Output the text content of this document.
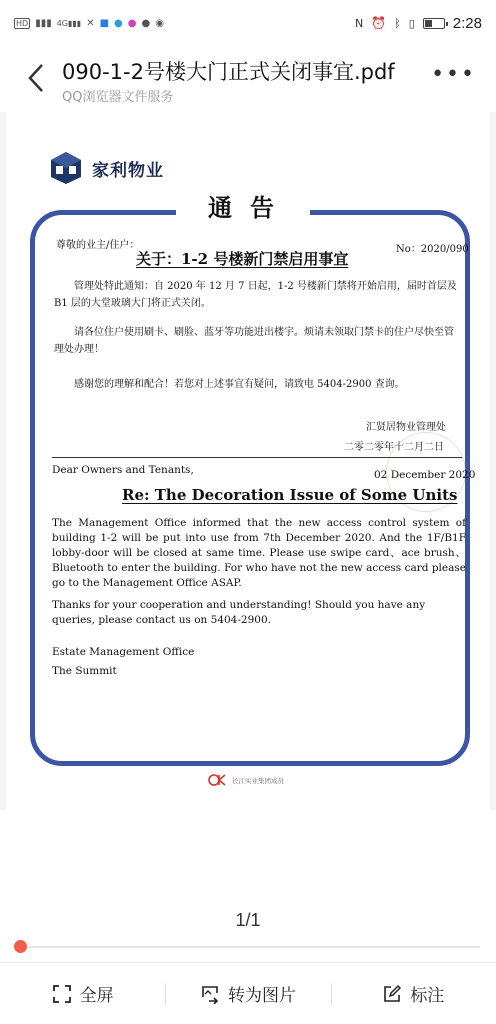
HD ▮▮▮ 4G▮▮▮ ✕ ■ ● ● ● ◉	N ⏰ ᛒ ▯	2:28
090-1-2号楼大门正式关闭事宜.pdf
QQ浏览器文件服务
•••
家利物业
通告
尊敬的业主/住户：	No：2020/090
关于：1-2 号楼新门禁启用事宜
管理处特此通知：自 2020 年 12 月 7 日起，1-2 号楼新门禁将开始启用，届时首层及 B1 层的大堂玻璃大门将正式关闭。
请各位住户使用刷卡、刷脸、蓝牙等功能进出楼宇。烦请未领取门禁卡的住户尽快至管理处办理！
感谢您的理解和配合！若您对上述事宜有疑问，请致电 5404-2900 查询。
汇贤居物业管理处
二零二零年十二月二日
Dear Owners and Tenants,	02 December 2020
Re: The Decoration Issue of Some Units
The Management Office informed that the new access control system of building 1-2 will be put into use from 7th December 2020. And the 1F/B1F lobby-door will be closed at same time. Please use swipe card、ace brush、 Bluetooth to enter the building. For who have not the new access card please go to the Management Office ASAP.
Thanks for your cooperation and understanding! Should you have any queries, please contact us on 5404-2900.
Estate Management Office
The Summit
长江实业集团成员
1/1
全屏	转为图片	标注
